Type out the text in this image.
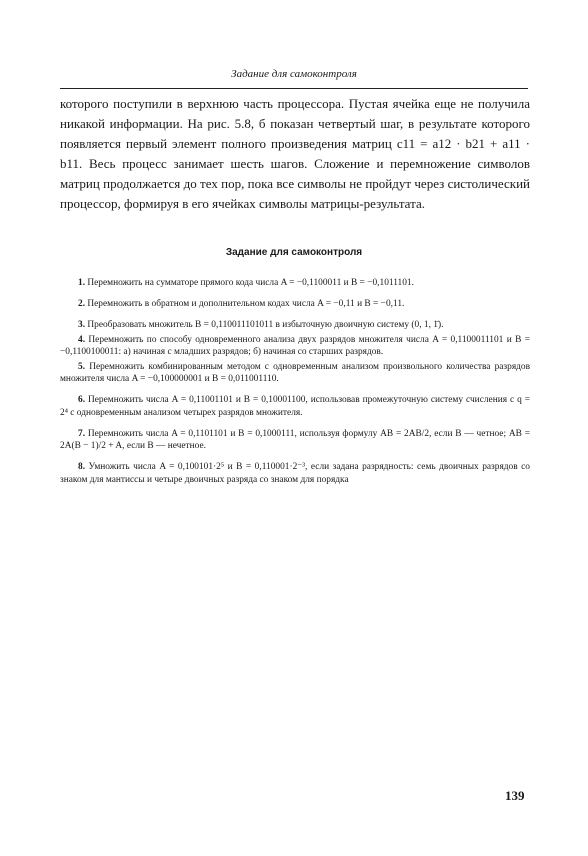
Задание для самоконтроля

которого поступили в верхнюю часть процессора. Пустая ячейка еще не получила никакой информации. На рис. 5.8, б показан четвертый шаг, в результате которого появляется первый элемент полного произведения матриц c11 = a12 · b21 + a11 · b11. Весь процесс занимает шесть шагов. Сложение и перемножение символов матриц продолжается до тех пор, пока все символы не пройдут через систолический процессор, формируя в его ячейках символы матрицы-результата.

Задание для самоконтроля

1. Перемножить на сумматоре прямого кода числа A = −0,1100011 и B = −0,1011101.

2. Перемножить в обратном и дополнительном кодах числа A = −0,11 и B = −0,11.

3. Преобразовать множитель B = 0,110011101011 в избыточную двоичную систему (0, 1, 1̄).

4. Перемножить по способу одновременного анализа двух разрядов множителя числа A = 0,1100011101 и B = −0,1100100011: а) начиная с младших разрядов; б) начиная со старших разрядов.

5. Перемножить комбинированным методом с одновременным анализом произвольного количества разрядов множителя числа A = −0,100000001 и B = 0,011001110.

6. Перемножить числа A = 0,11001101 и B = 0,10001100, использовав промежуточную систему счисления с q = 2⁴ с одновременным анализом четырех разрядов множителя.

7. Перемножить числа A = 0,1101101 и B = 0,1000111, используя формулу AB = 2AB/2, если B — четное; AB = 2A(B − 1)/2 + A, если B — нечетное.

8. Умножить числа A = 0,100101·2⁵ и B = 0,110001·2⁻³, если задана разрядность: семь двоичных разрядов со знаком для мантиссы и четыре двоичных разряда со знаком для порядка

139
